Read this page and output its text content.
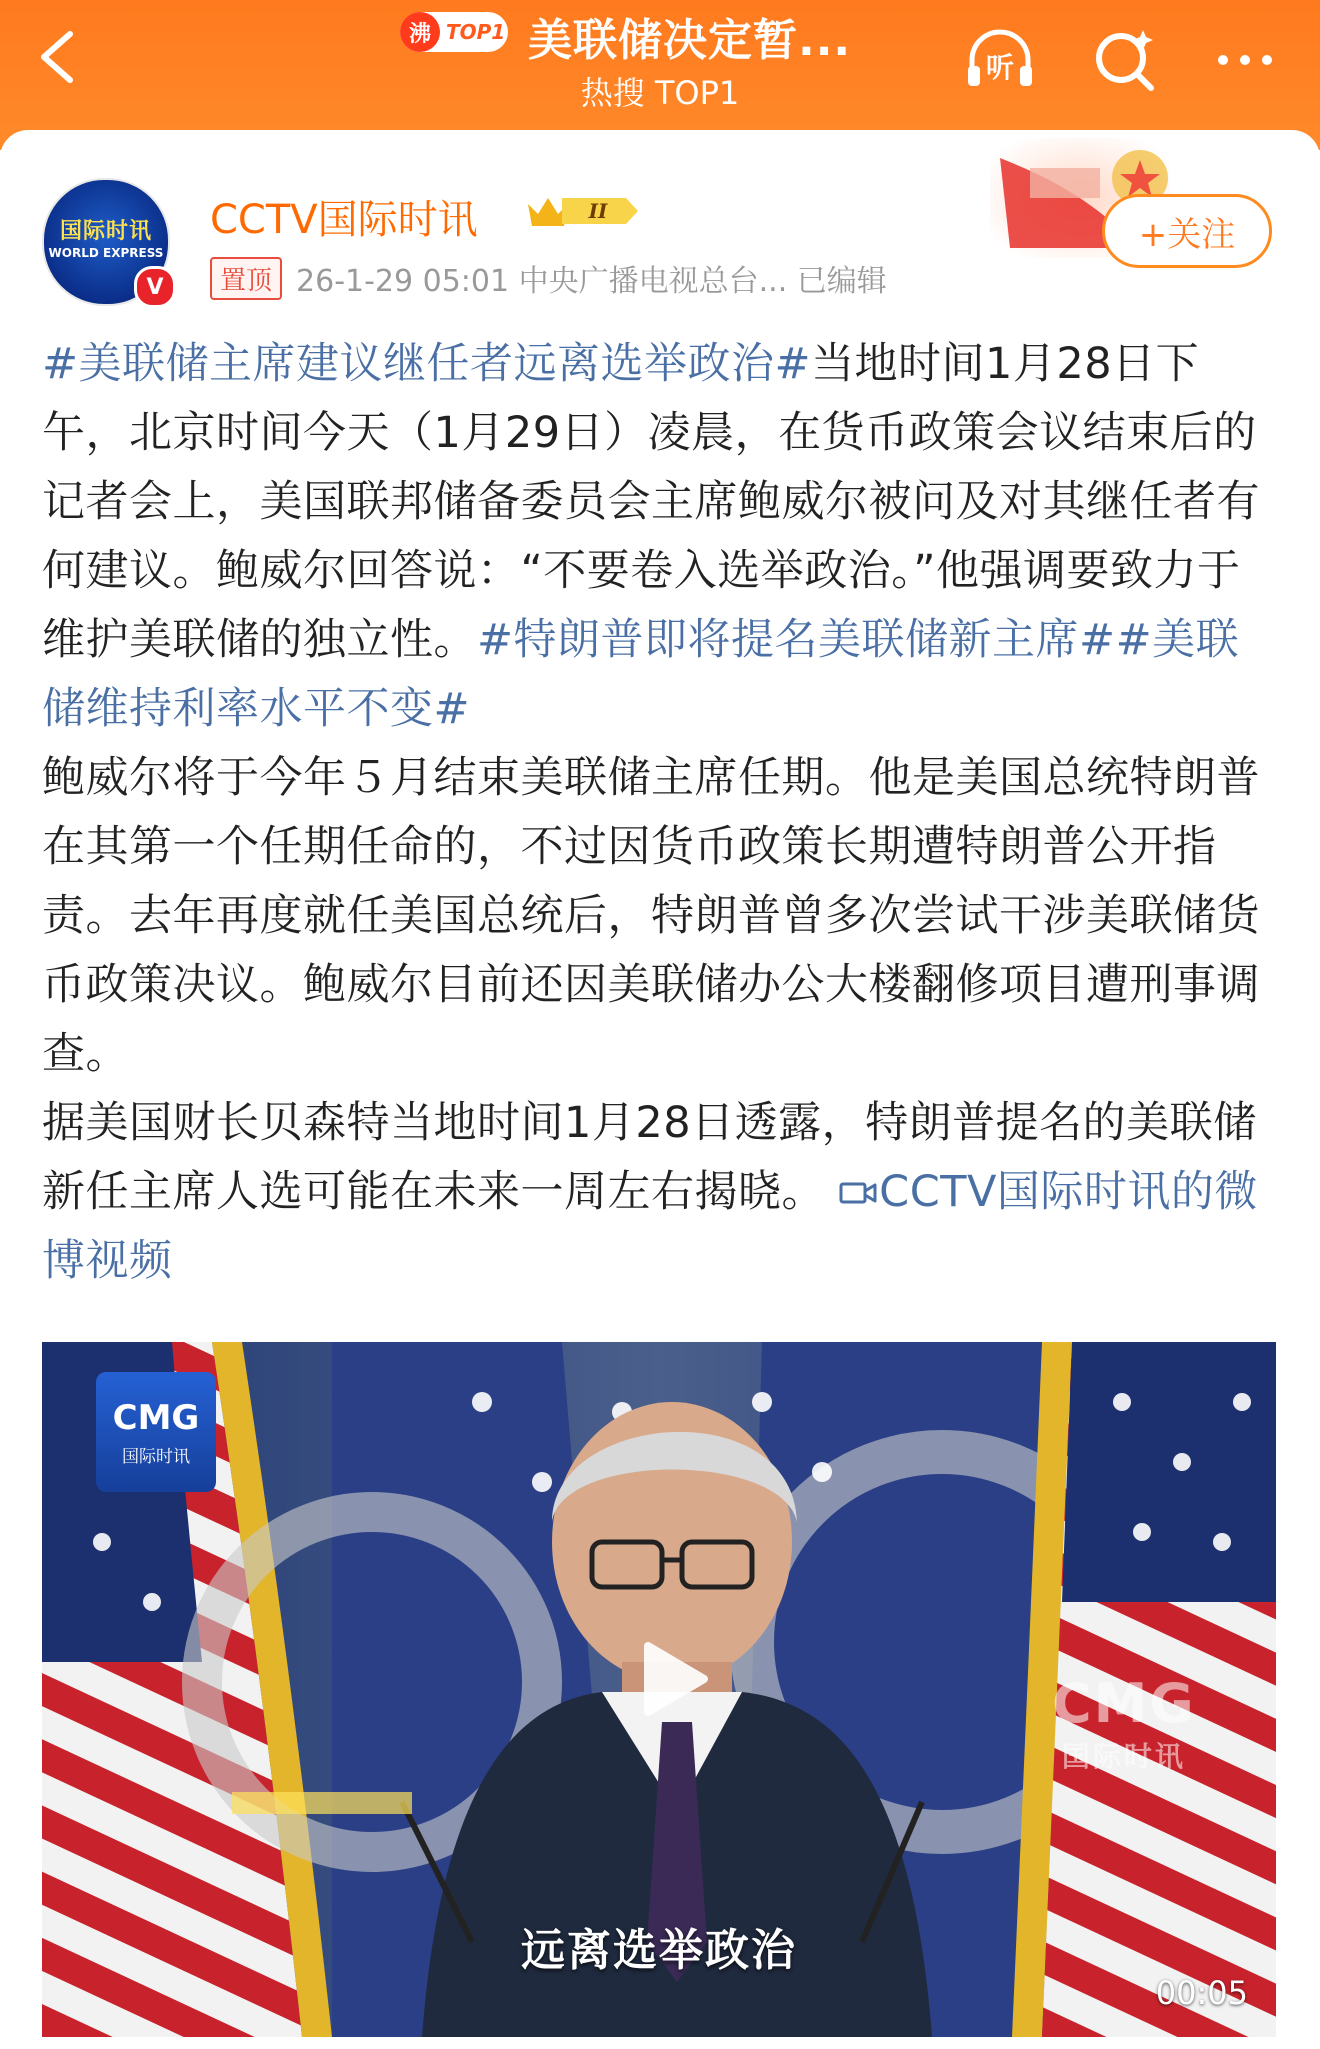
沸 TOP1 美联储决定暂...
热搜 TOP1
听
国际时讯
WORLD EXPRESS
V
CCTV国际时讯	II
置顶 26-1-29 05:01 中央广播电视总台... 已编辑
+关注

#美联储主席建议继任者远离选举政治#当地时间1月28日下午，北京时间今天（1月29日）凌晨，在货币政策会议结束后的记者会上，美国联邦储备委员会主席鲍威尔被问及对其继任者有何建议。鲍威尔回答说：“不要卷入选举政治。”他强调要致力于维护美联储的独立性。#特朗普即将提名美联储新主席##美联储维持利率水平不变#

鲍威尔将于今年５月结束美联储主席任期。他是美国总统特朗普在其第一个任期任命的，不过因货币政策长期遭特朗普公开指责。去年再度就任美国总统后，特朗普曾多次尝试干涉美联储货币政策决议。鲍威尔目前还因美联储办公大楼翻修项目遭刑事调查。

据美国财长贝森特当地时间1月28日透露，特朗普提名的美联储新任主席人选可能在未来一周左右揭晓。 CCTV国际时讯的微博视频

CMG
国际时讯
CMG
国际时讯
远离选举政治
00:05
